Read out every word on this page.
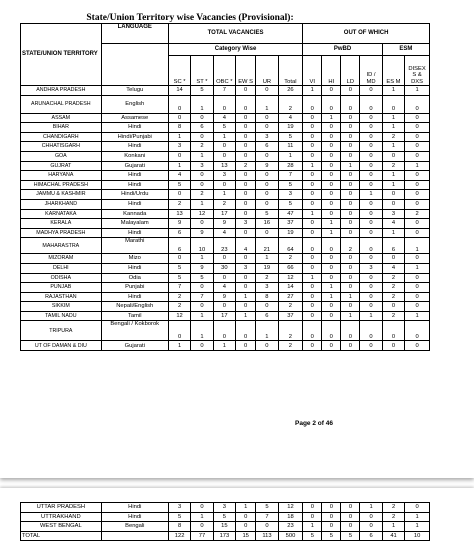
State/Union Territory wise Vacancies (Provisional):
STATE/UNION TERRITORY	LANGUAGE	TOTAL VACANCIES						OUT OF WHICH					
		Category Wise						PwBD				ESM	
		SC *	ST *	OBC *	EW S	UR	Total	VI	HI	LD	ID / MD	ES M	DISEX S & DXS
ANDHRA PRADESH	Telugu	14	5	7	0	0	26	1	0	0	0	1	1
ARUNACHAL PRADESH	English	0	1	0	0	1	2	0	0	0	0	0	0
ASSAM	Assamese	0	0	4	0	0	4	0	1	0	0	1	0
BIHAR	Hindi	8	6	5	0	0	19	0	0	0	0	1	0
CHANDIGARH	Hindi/Punjabi	1	0	1	0	3	5	0	0	0	0	2	0
CHHATISGARH	Hindi	3	2	0	0	6	11	0	0	0	0	1	0
GOA	Konkani	0	1	0	0	0	1	0	0	0	0	0	0
GUJRAT	Gujarati	1	3	13	2	9	28	1	0	1	0	2	1
HARYANA	Hindi	4	0	3	0	0	7	0	0	0	0	1	0
HIMACHAL PRADESH	Hindi	5	0	0	0	0	5	0	0	0	0	1	0
JAMMU & KASHMIR	Hindi/Urdu	0	2	1	0	0	3	0	0	0	1	0	0
JHARKHAND	Hindi	2	1	2	0	0	5	0	0	0	0	0	0
KARNATAKA	Kannada	13	12	17	0	5	47	1	0	0	0	3	2
KERALA	Malayalam	9	0	9	3	16	37	0	1	0	0	4	0
MADHYA PRADESH	Hindi	6	9	4	0	0	19	0	1	0	0	1	0
MAHARASTRA	Marathi	6	10	23	4	21	64	0	0	2	0	6	1
MIZORAM	Mizo	0	1	0	0	1	2	0	0	0	0	0	0
DELHI	Hindi	5	9	30	3	19	66	0	0	0	3	4	1
ODISHA	Odia	5	5	0	0	2	12	1	0	0	0	2	0
PUNJAB	Punjabi	7	0	4	0	3	14	0	1	0	0	2	0
RAJASTHAN	Hindi	2	7	9	1	8	27	0	1	1	0	2	0
SIKKIM	Nepali/English	2	0	0	0	0	2	0	0	0	0	0	0
TAMIL NADU	Tamil	12	1	17	1	6	37	0	0	1	1	2	1
TRIPURA	Bengali / Kokborok	0	1	0	0	1	2	0	0	0	0	0	0
UT OF DAMAN & DIU	Gujarati	1	0	1	0	0	2	0	0	0	0	0	0
Page 2 of 46
UTTAR PRADESH	Hindi	3	0	3	1	5	12	0	0	0	1	2	0
UTTRAKHAND	Hindi	5	1	5	0	7	18	0	0	0	0	2	1
WEST BENGAL	Bengali	8	0	15	0	0	23	1	0	0	0	1	1
TOTAL		122	77	173	15	113	500	5	5	5	6	41	10
